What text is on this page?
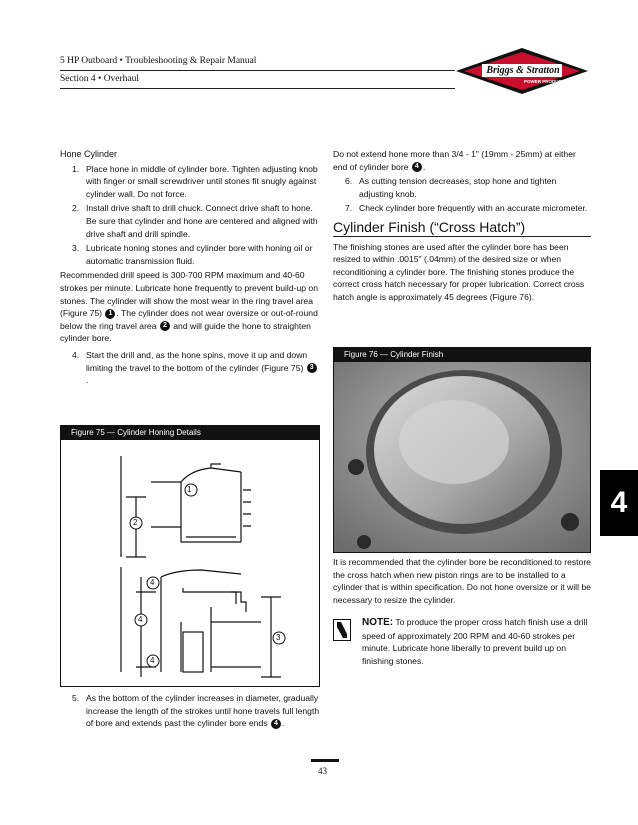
5 HP Outboard • Troubleshooting & Repair Manual
Section 4 • Overhaul
Briggs & Stratton
POWER PRODUCTS

Hone Cylinder

1. Place hone in middle of cylinder bore. Tighten adjusting knob with finger or small screwdriver until stones fit snugly against cylinder wall. Do not force.
2. Install drive shaft to drill chuck. Connect drive shaft to hone. Be sure that cylinder and hone are centered and aligned with drive shaft and drill spindle.
3. Lubricate honing stones and cylinder bore with honing oil or automatic transmission fluid.

Recommended drill speed is 300-700 RPM maximum and 40-60 strokes per minute. Lubricate hone frequently to prevent build-up on stones. The cylinder will show the most wear in the ring travel area (Figure 75) 1 . The cylinder does not wear oversize or out-of-round below the ring travel area 2 and will guide the hone to straighten cylinder bore.

4. Start the drill and, as the hone spins, move it up and down limiting the travel to the bottom of the cylinder (Figure 75) 3.
Figure 75 — Cylinder Honing Details
1
2
4
4
3
4
5. As the bottom of the cylinder increases in diameter, gradually increase the length of the strokes until hone travels full length of bore and extends past the cylinder bore ends 4 .

Do not extend hone more than 3/4 - 1" (19mm - 25mm) at either end of cylinder bore 4 .

6. As cutting tension decreases, stop hone and tighten adjusting knob.
7. Check cylinder bore frequently with an accurate micrometer.
Cylinder Finish (“Cross Hatch”)

The finishing stones are used after the cylinder bore has been resized to within .0015" (.04mm) of the desired size or when reconditioning a cylinder bore. The finishing stones produce the correct cross hatch necessary for proper lubrication. Correct cross hatch angle is approximately 45 degrees (Figure 76).

Figure 76 — Cylinder Finish
It is recommended that the cylinder bore be reconditioned to restore the cross hatch when new piston rings are to be installed to a cylinder that is within specification. Do not hone oversize or it will be necessary to resize the cylinder.
NOTE: To produce the proper cross hatch finish use a drill speed of approximately 200 RPM and 40-60 strokes per minute. Lubricate hone liberally to prevent build up on finishing stones.
4
43
